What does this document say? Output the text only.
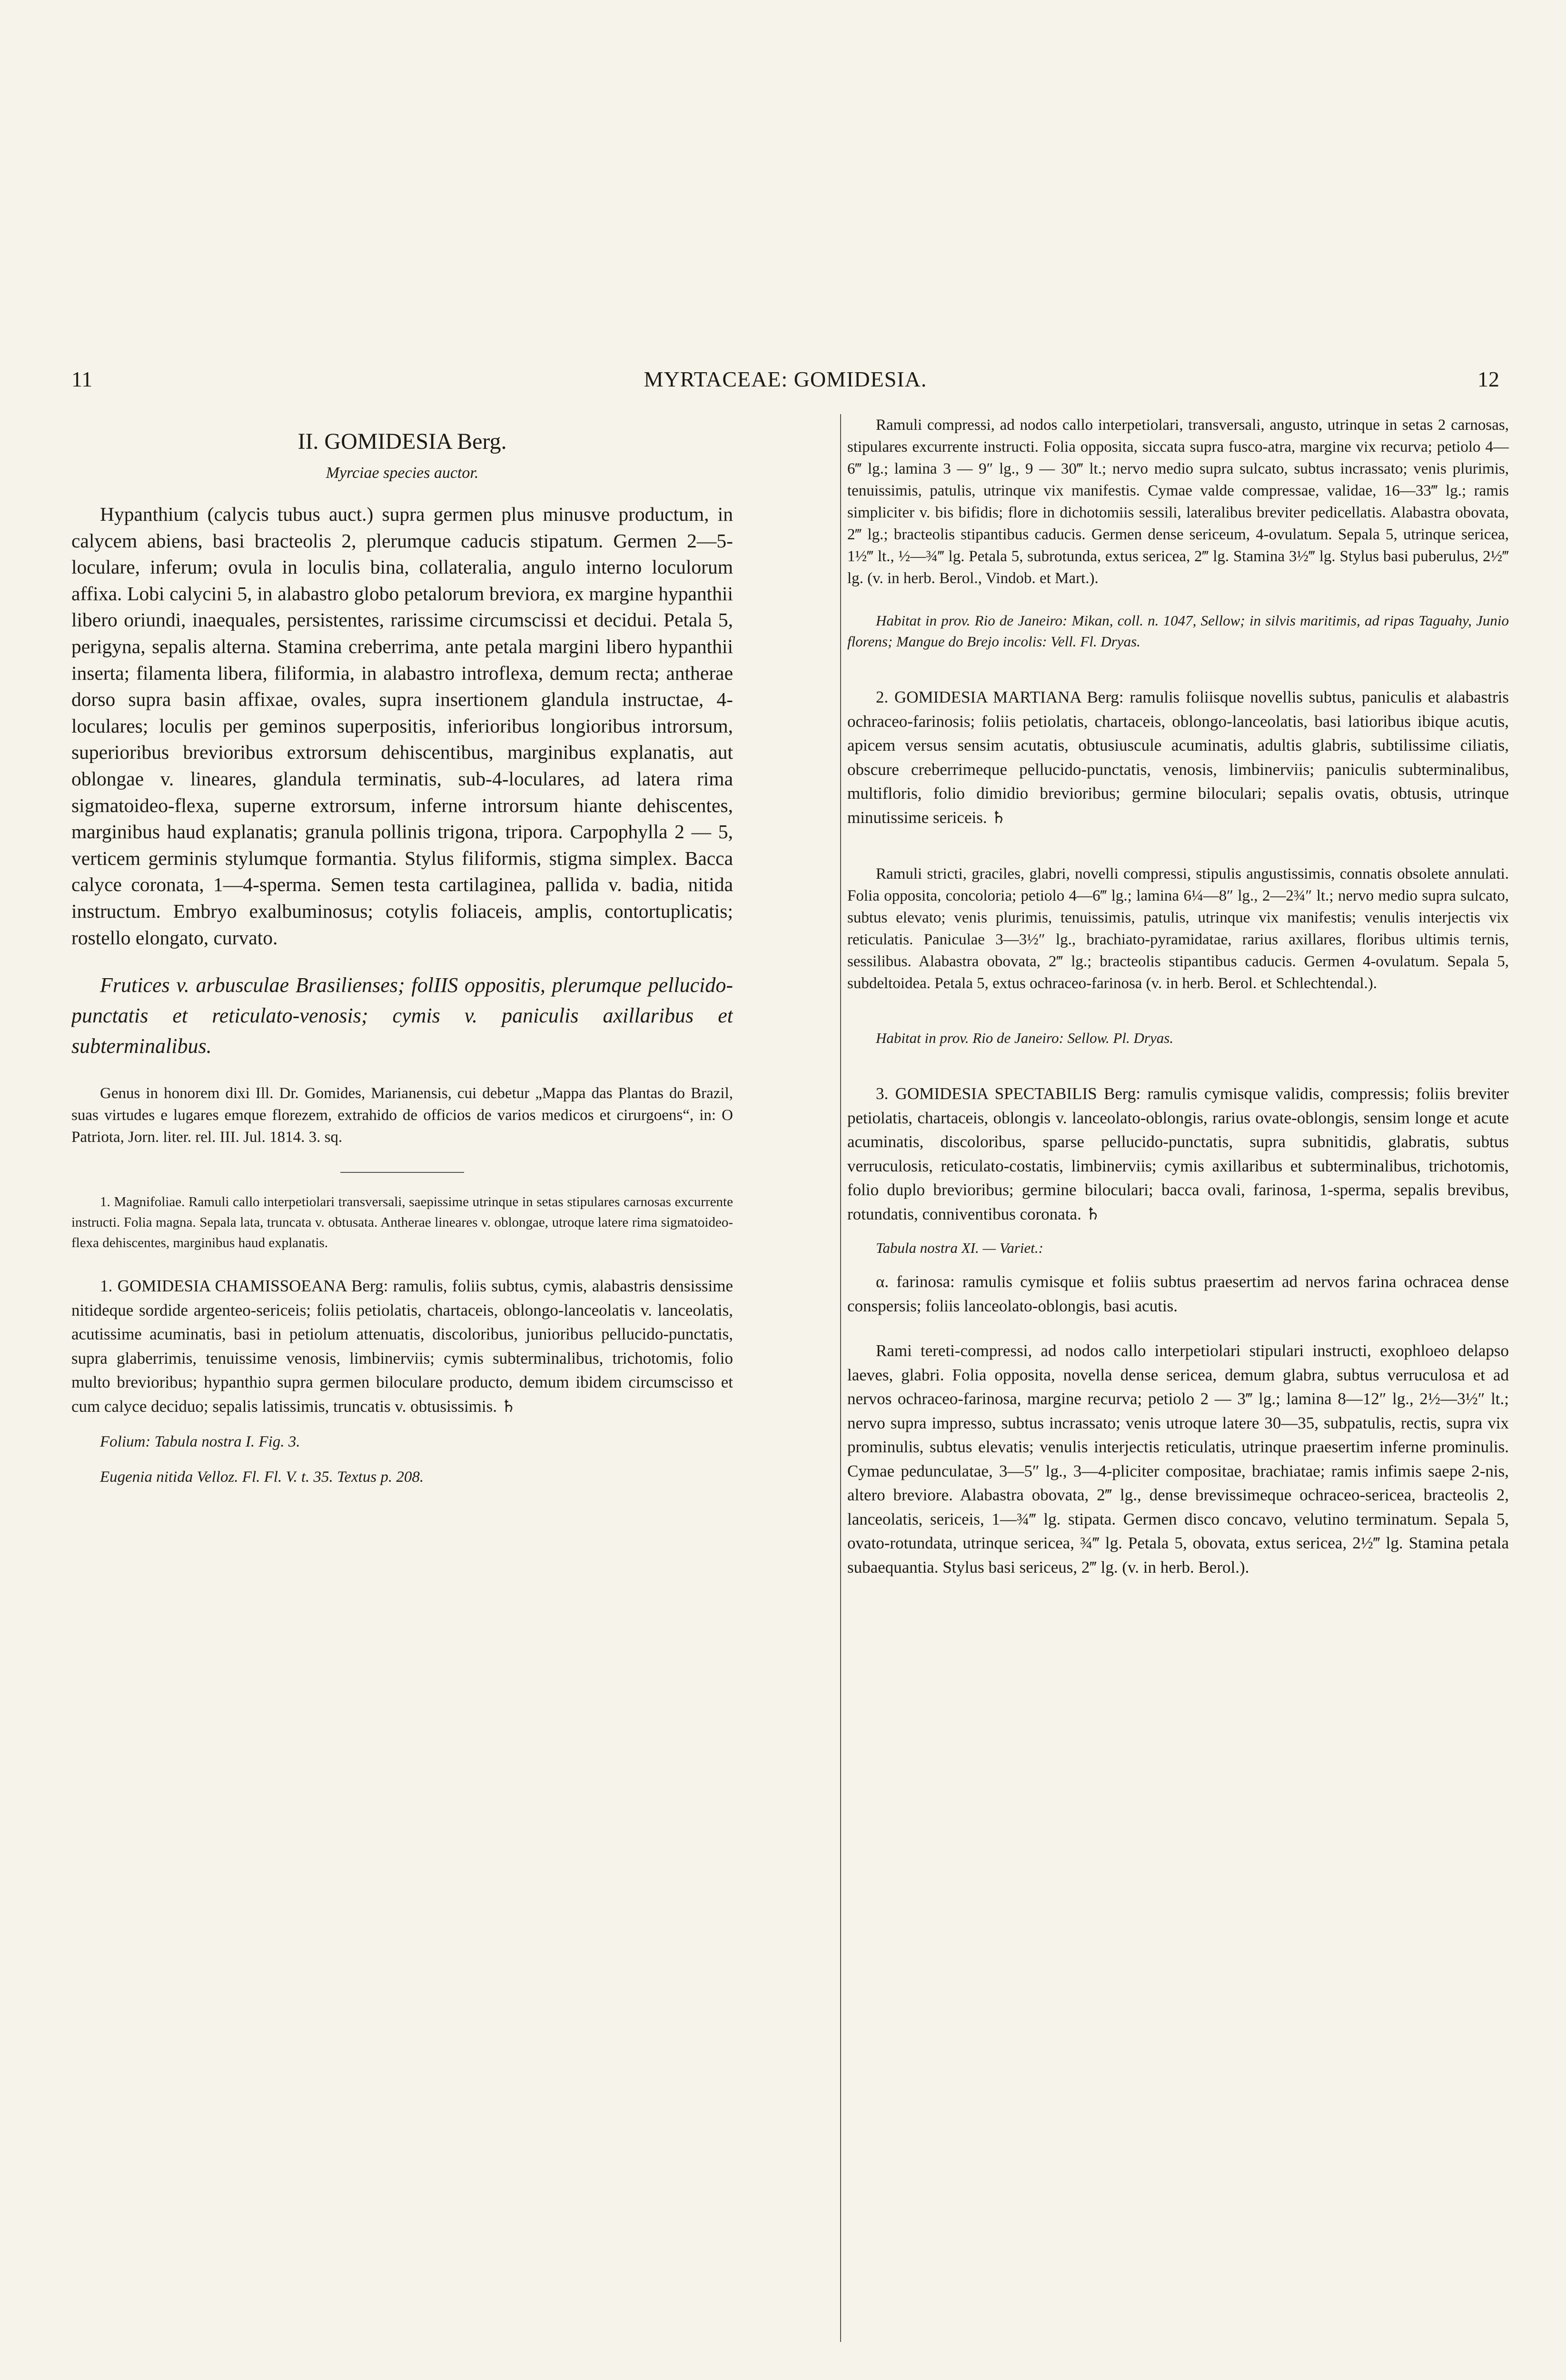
11	MYRTACEAE: GOMIDESIA.	12
II. GOMIDESIA Berg.
Myrciae species auctor.

Hypanthium (calycis tubus auct.) supra germen plus minusve productum, in calycem abiens, basi bracteolis 2, plerumque caducis stipatum. Germen 2—5-loculare, inferum; ovula in loculis bina, collateralia, angulo interno loculorum affixa. Lobi calycini 5, in alabastro globo petalorum breviora, ex margine hypanthii libero oriundi, inaequales, persistentes, rarissime circumscissi et decidui. Petala 5, perigyna, sepalis alterna. Stamina creberrima, ante petala margini libero hypanthii inserta; filamenta libera, filiformia, in alabastro introflexa, demum recta; antherae dorso supra basin affixae, ovales, supra insertionem glandula instructae, 4-loculares; loculis per geminos superpositis, inferioribus longioribus introrsum, superioribus brevioribus extrorsum dehiscentibus, marginibus explanatis, aut oblongae v. lineares, glandula terminatis, sub-4-loculares, ad latera rima sigmatoideo-flexa, superne extrorsum, inferne introrsum hiante dehiscentes, marginibus haud explanatis; granula pollinis trigona, tripora. Carpophylla 2 — 5, verticem germinis stylumque formantia. Stylus filiformis, stigma simplex. Bacca calyce coronata, 1—4-sperma. Semen testa cartilaginea, pallida v. badia, nitida instructum. Embryo exalbuminosus; cotylis foliaceis, amplis, contortuplicatis; rostello elongato, curvato.

Frutices v. arbusculae Brasilienses; folIIS oppositis, plerumque pellucido-punctatis et reticulato-venosis; cymis v. paniculis axillaribus et subterminalibus.

Genus in honorem dixi Ill. Dr. Gomides, Marianensis, cui debetur „Mappa das Plantas do Brazil, suas virtudes e lugares emque florezem, extrahido de officios de varios medicos et cirurgoens“, in: O Patriota, Jorn. liter. rel. III. Jul. 1814. 3. sq.

1. Magnifoliae. Ramuli callo interpetiolari transversali, saepissime utrinque in setas stipulares carnosas excurrente instructi. Folia magna. Sepala lata, truncata v. obtusata. Antherae lineares v. oblongae, utroque latere rima sigmatoideo-flexa dehiscentes, marginibus haud explanatis.

1. GOMIDESIA CHAMISSOEANA Berg: ramulis, foliis subtus, cymis, alabastris densissime nitideque sordide argenteo-sericeis; foliis petiolatis, chartaceis, oblongo-lanceolatis v. lanceolatis, acutissime acuminatis, basi in petiolum attenuatis, discoloribus, junioribus pellucido-punctatis, supra glaberrimis, tenuissime venosis, limbinerviis; cymis subterminalibus, trichotomis, folio multo brevioribus; hypanthio supra germen biloculare producto, demum ibidem circumscisso et cum calyce deciduo; sepalis latissimis, truncatis v. obtusissimis. ♄

Folium: Tabula nostra I. Fig. 3.

Eugenia nitida Velloz. Fl. Fl. V. t. 35. Textus p. 208.

Ramuli compressi, ad nodos callo interpetiolari, transversali, angusto, utrinque in setas 2 carnosas, stipulares excurrente instructi. Folia opposita, siccata supra fusco-atra, margine vix recurva; petiolo 4—6‴ lg.; lamina 3 — 9″ lg., 9 — 30‴ lt.; nervo medio supra sulcato, subtus incrassato; venis plurimis, tenuissimis, patulis, utrinque vix manifestis. Cymae valde compressae, validae, 16—33‴ lg.; ramis simpliciter v. bis bifidis; flore in dichotomiis sessili, lateralibus breviter pedicellatis. Alabastra obovata, 2‴ lg.; bracteolis stipantibus caducis. Germen dense sericeum, 4-ovulatum. Sepala 5, utrinque sericea, 1½‴ lt., ½—¾‴ lg. Petala 5, subrotunda, extus sericea, 2‴ lg. Stamina 3½‴ lg. Stylus basi puberulus, 2½‴ lg. (v. in herb. Berol., Vindob. et Mart.).

Habitat in prov. Rio de Janeiro: Mikan, coll. n. 1047, Sellow; in silvis maritimis, ad ripas Taguahy, Junio florens; Mangue do Brejo incolis: Vell. Fl. Dryas.

2. GOMIDESIA MARTIANA Berg: ramulis foliisque novellis subtus, paniculis et alabastris ochraceo-farinosis; foliis petiolatis, chartaceis, oblongo-lanceolatis, basi latioribus ibique acutis, apicem versus sensim acutatis, obtusiuscule acuminatis, adultis glabris, subtilissime ciliatis, obscure creberrimeque pellucido-punctatis, venosis, limbinerviis; paniculis subterminalibus, multifloris, folio dimidio brevioribus; germine biloculari; sepalis ovatis, obtusis, utrinque minutissime sericeis. ♄

Ramuli stricti, graciles, glabri, novelli compressi, stipulis angustissimis, connatis obsolete annulati. Folia opposita, concoloria; petiolo 4—6‴ lg.; lamina 6¼—8″ lg., 2—2¾″ lt.; nervo medio supra sulcato, subtus elevato; venis plurimis, tenuissimis, patulis, utrinque vix manifestis; venulis interjectis vix reticulatis. Paniculae 3—3½″ lg., brachiato-pyramidatae, rarius axillares, floribus ultimis ternis, sessilibus. Alabastra obovata, 2‴ lg.; bracteolis stipantibus caducis. Germen 4-ovulatum. Sepala 5, subdeltoidea. Petala 5, extus ochraceo-farinosa (v. in herb. Berol. et Schlechtendal.).

Habitat in prov. Rio de Janeiro: Sellow. Pl. Dryas.

3. GOMIDESIA SPECTABILIS Berg: ramulis cymisque validis, compressis; foliis breviter petiolatis, chartaceis, oblongis v. lanceolato-oblongis, rarius ovate-oblongis, sensim longe et acute acuminatis, discoloribus, sparse pellucido-punctatis, supra subnitidis, glabratis, subtus verruculosis, reticulato-costatis, limbinerviis; cymis axillaribus et subterminalibus, trichotomis, folio duplo brevioribus; germine biloculari; bacca ovali, farinosa, 1-sperma, sepalis brevibus, rotundatis, conniventibus coronata. ♄

Tabula nostra XI. — Variet.:

α. farinosa: ramulis cymisque et foliis subtus praesertim ad nervos farina ochracea dense conspersis; foliis lanceolato-oblongis, basi acutis.

Rami tereti-compressi, ad nodos callo interpetiolari stipulari instructi, exophloeo delapso laeves, glabri. Folia opposita, novella dense sericea, demum glabra, subtus verruculosa et ad nervos ochraceo-farinosa, margine recurva; petiolo 2 — 3‴ lg.; lamina 8—12″ lg., 2½—3½″ lt.; nervo supra impresso, subtus incrassato; venis utroque latere 30—35, subpatulis, rectis, supra vix prominulis, subtus elevatis; venulis interjectis reticulatis, utrinque praesertim inferne prominulis. Cymae pedunculatae, 3—5″ lg., 3—4-pliciter compositae, brachiatae; ramis infimis saepe 2-nis, altero breviore. Alabastra obovata, 2‴ lg., dense brevissimeque ochraceo-sericea, bracteolis 2, lanceolatis, sericeis, 1—¾‴ lg. stipata. Germen disco concavo, velutino terminatum. Sepala 5, ovato-rotundata, utrinque sericea, ¾‴ lg. Petala 5, obovata, extus sericea, 2½‴ lg. Stamina petala subaequantia. Stylus basi sericeus, 2‴ lg. (v. in herb. Berol.).
